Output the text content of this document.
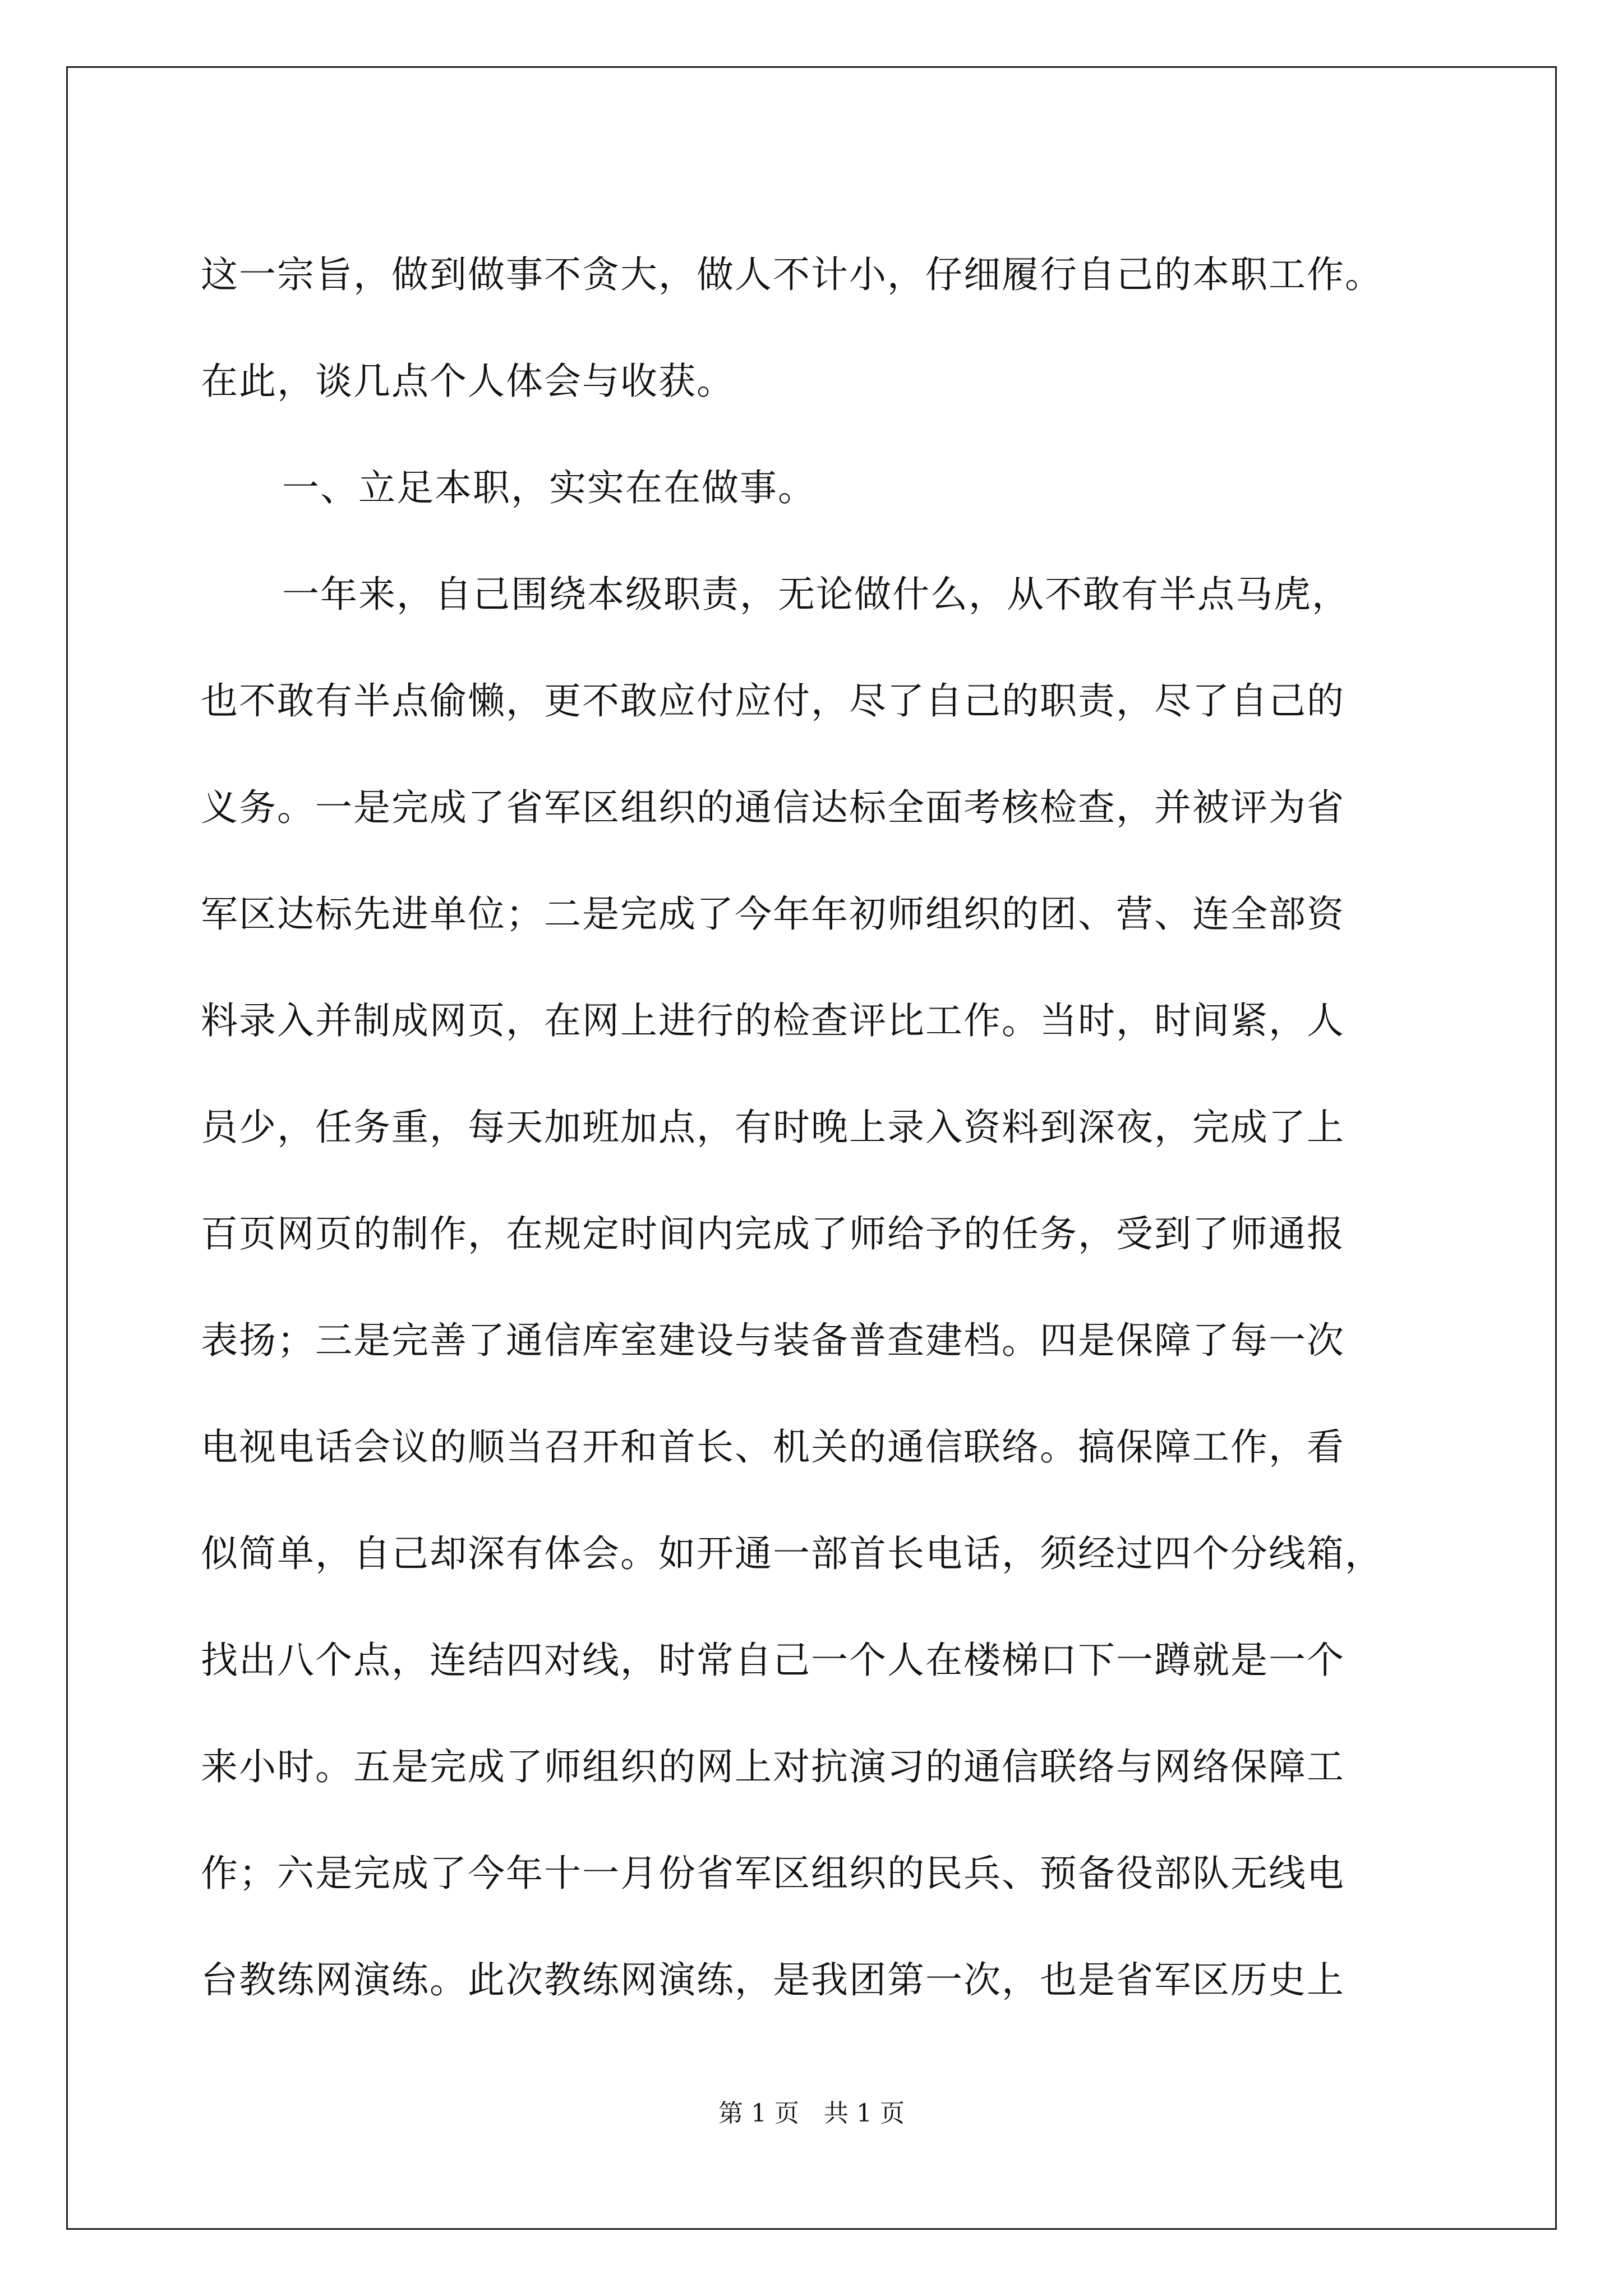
这一宗旨，做到做事不贪大，做人不计小，仔细履行自己的本职工作。
在此，谈几点个人体会与收获。
一、立足本职，实实在在做事。
一年来，自己围绕本级职责，无论做什么，从不敢有半点马虎，
也不敢有半点偷懒，更不敢应付应付，尽了自己的职责，尽了自己的
义务。一是完成了省军区组织的通信达标全面考核检查，并被评为省
军区达标先进单位；二是完成了今年年初师组织的团、营、连全部资
料录入并制成网页，在网上进行的检查评比工作。当时，时间紧，人
员少，任务重，每天加班加点，有时晚上录入资料到深夜，完成了上
百页网页的制作，在规定时间内完成了师给予的任务，受到了师通报
表扬；三是完善了通信库室建设与装备普查建档。四是保障了每一次
电视电话会议的顺当召开和首长、机关的通信联络。搞保障工作，看
似简单，自己却深有体会。如开通一部首长电话，须经过四个分线箱，
找出八个点，连结四对线，时常自己一个人在楼梯口下一蹲就是一个
来小时。五是完成了师组织的网上对抗演习的通信联络与网络保障工
作；六是完成了今年十一月份省军区组织的民兵、预备役部队无线电
台教练网演练。此次教练网演练，是我团第一次，也是省军区历史上
第 1 页　共 1 页
